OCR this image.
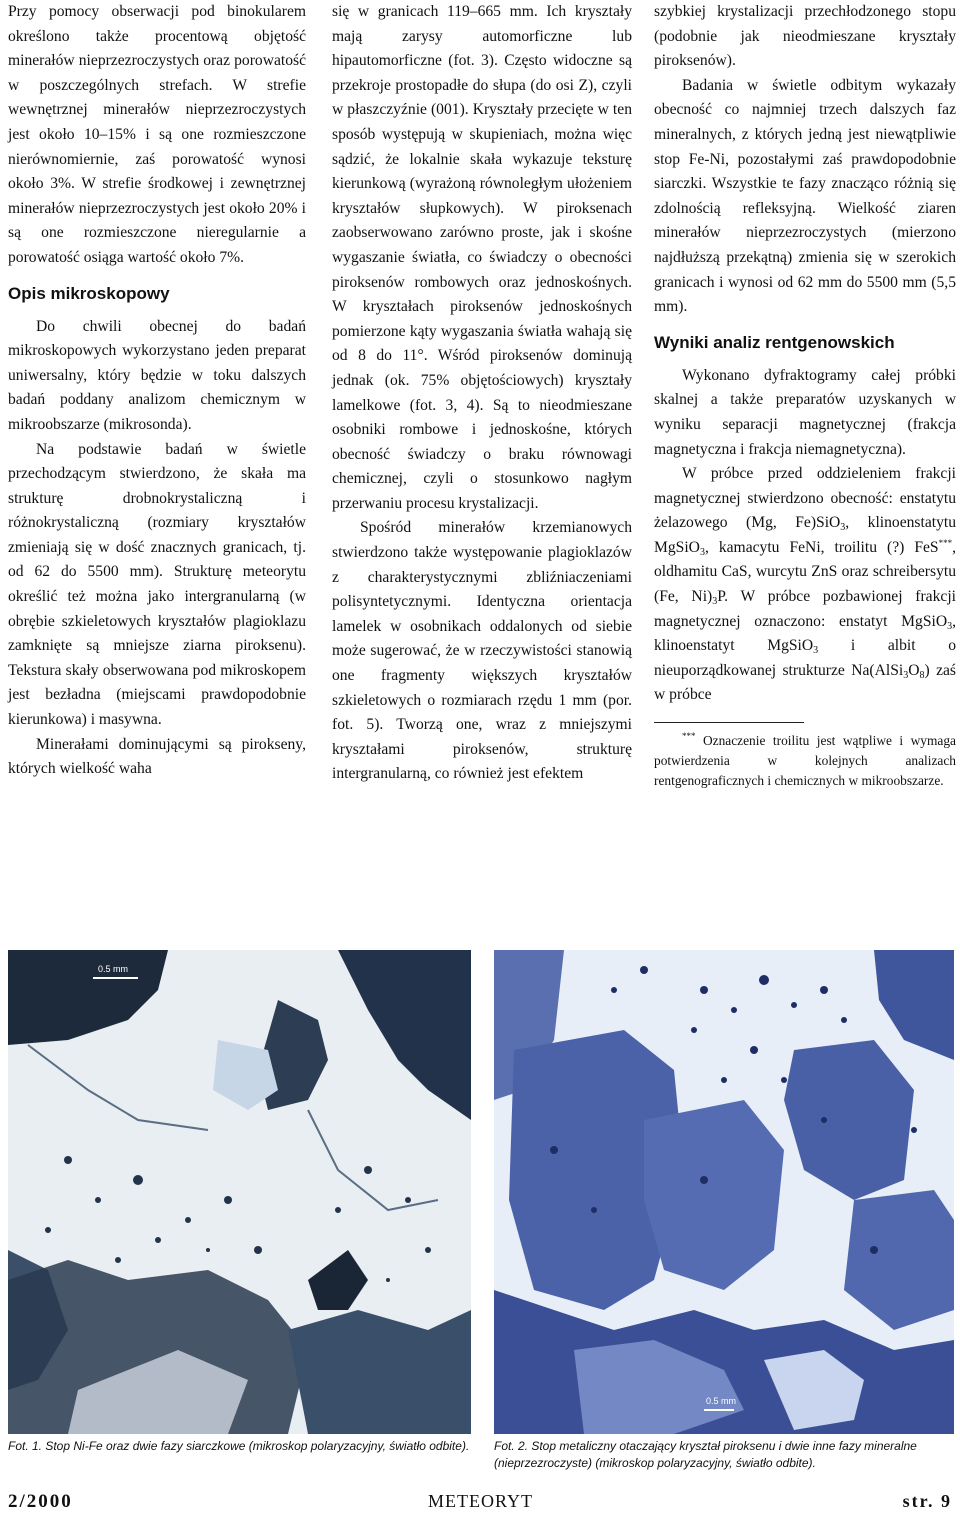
Przy pomocy obserwacji pod binokularem określono także procentową objętość minerałów nieprzezroczystych oraz porowatość w poszczególnych strefach. W strefie wewnętrznej minerałów nieprzezroczystych jest około 10–15% i są one rozmieszczone nierównomiernie, zaś porowatość wynosi około 3%. W strefie środkowej i zewnętrznej minerałów nieprzezroczystych jest około 20% i są one rozmieszczone nieregularnie a porowatość osiąga wartość około 7%.

Opis mikroskopowy

Do chwili obecnej do badań mikroskopowych wykorzystano jeden preparat uniwersalny, który będzie w toku dalszych badań poddany analizom chemicznym w mikroobszarze (mikrosonda).

Na podstawie badań w świetle przechodzącym stwierdzono, że skała ma strukturę drobnokrystaliczną i różnokrystaliczną (rozmiary kryształów zmieniają się w dość znacznych granicach, tj. od 62 do 5500 mm). Strukturę meteorytu określić też można jako intergranularną (w obrębie szkieletowych kryształów plagioklazu zamknięte są mniejsze ziarna piroksenu). Tekstura skały obserwowana pod mikroskopem jest bezładna (miejscami prawdopodobnie kierunkowa) i masywna.

Minerałami dominującymi są pirokseny, których wielkość waha

się w granicach 119–665 mm. Ich kryształy mają zarysy automorficzne lub hipautomorficzne (fot. 3). Często widoczne są przekroje prostopadłe do słupa (do osi Z), czyli w płaszczyźnie (001). Kryształy przecięte w ten sposób występują w skupieniach, można więc sądzić, że lokalnie skała wykazuje teksturę kierunkową (wyrażoną równoległym ułożeniem kryształów słupkowych). W piroksenach zaobserwowano zarówno proste, jak i skośne wygaszanie światła, co świadczy o obecności piroksenów rombowych oraz jednoskośnych. W kryształach piroksenów jednoskośnych pomierzone kąty wygaszania światła wahają się od 8 do 11°. Wśród piroksenów dominują jednak (ok. 75% objętościowych) kryształy lamelkowe (fot. 3, 4). Są to nieodmieszane osobniki rombowe i jednoskośne, których obecność świadczy o braku równowagi chemicznej, czyli o stosunkowo nagłym przerwaniu procesu krystalizacji.

Spośród minerałów krzemianowych stwierdzono także występowanie plagioklazów z charakterystycznymi zbliźniaczeniami polisyntetycznymi. Identyczna orientacja lamelek w osobnikach oddalonych od siebie może sugerować, że w rzeczywistości stanowią one fragmenty większych kryształów szkieletowych o rozmiarach rzędu 1 mm (por. fot. 5). Tworzą one, wraz z mniejszymi kryształami piroksenów, strukturę intergranularną, co również jest efektem

szybkiej krystalizacji przechłodzonego stopu (podobnie jak nieodmieszane kryształy piroksenów).

Badania w świetle odbitym wykazały obecność co najmniej trzech dalszych faz mineralnych, z których jedną jest niewątpliwie stop Fe-Ni, pozostałymi zaś prawdopodobnie siarczki. Wszystkie te fazy znacząco różnią się zdolnością refleksyjną. Wielkość ziaren minerałów nieprzezroczystych (mierzono najdłuższą przekątną) zmienia się w szerokich granicach i wynosi od 62 mm do 5500 mm (5,5 mm).

Wyniki analiz rentgenowskich

Wykonano dyfraktogramy całej próbki skalnej a także preparatów uzyskanych w wyniku separacji magnetycznej (frakcja magnetyczna i frakcja niemagnetyczna).

W próbce przed oddzieleniem frakcji magnetycznej stwierdzono obecność: enstatytu żelazowego (Mg, Fe)SiO$_3$, klinoenstatytu MgSiO$_3$, kamacytu FeNi, troilitu (?) FeS***, oldhamitu CaS, wurcytu ZnS oraz schreibersytu (Fe, $Ni)_3P$. W próbce pozbawionej frakcji magnetycznej oznaczono: enstatyt MgSiO$_3$, klinoenstatyt MgSiO$_3$ i albit o nieuporządkowanej strukturze $Na(AlSi_3O_8)$ zaś w próbce

*** Oznaczenie troilitu jest wątpliwe i wymaga potwierdzenia w kolejnych analizach rentgenograficznych i chemicznych w mikroobszarze.

0.5 mm
0.5 mm
Fot. 1. Stop Ni-Fe oraz dwie fazy siarczkowe (mikroskop polaryzacyjny, światło odbite). Fot. 2. Stop metaliczny otaczający kryształ piroksenu i dwie inne fazy mineralne (nieprzezroczyste) (mikroskop polaryzacyjny, światło odbite).
2/2000	METEORYT	str. 9
